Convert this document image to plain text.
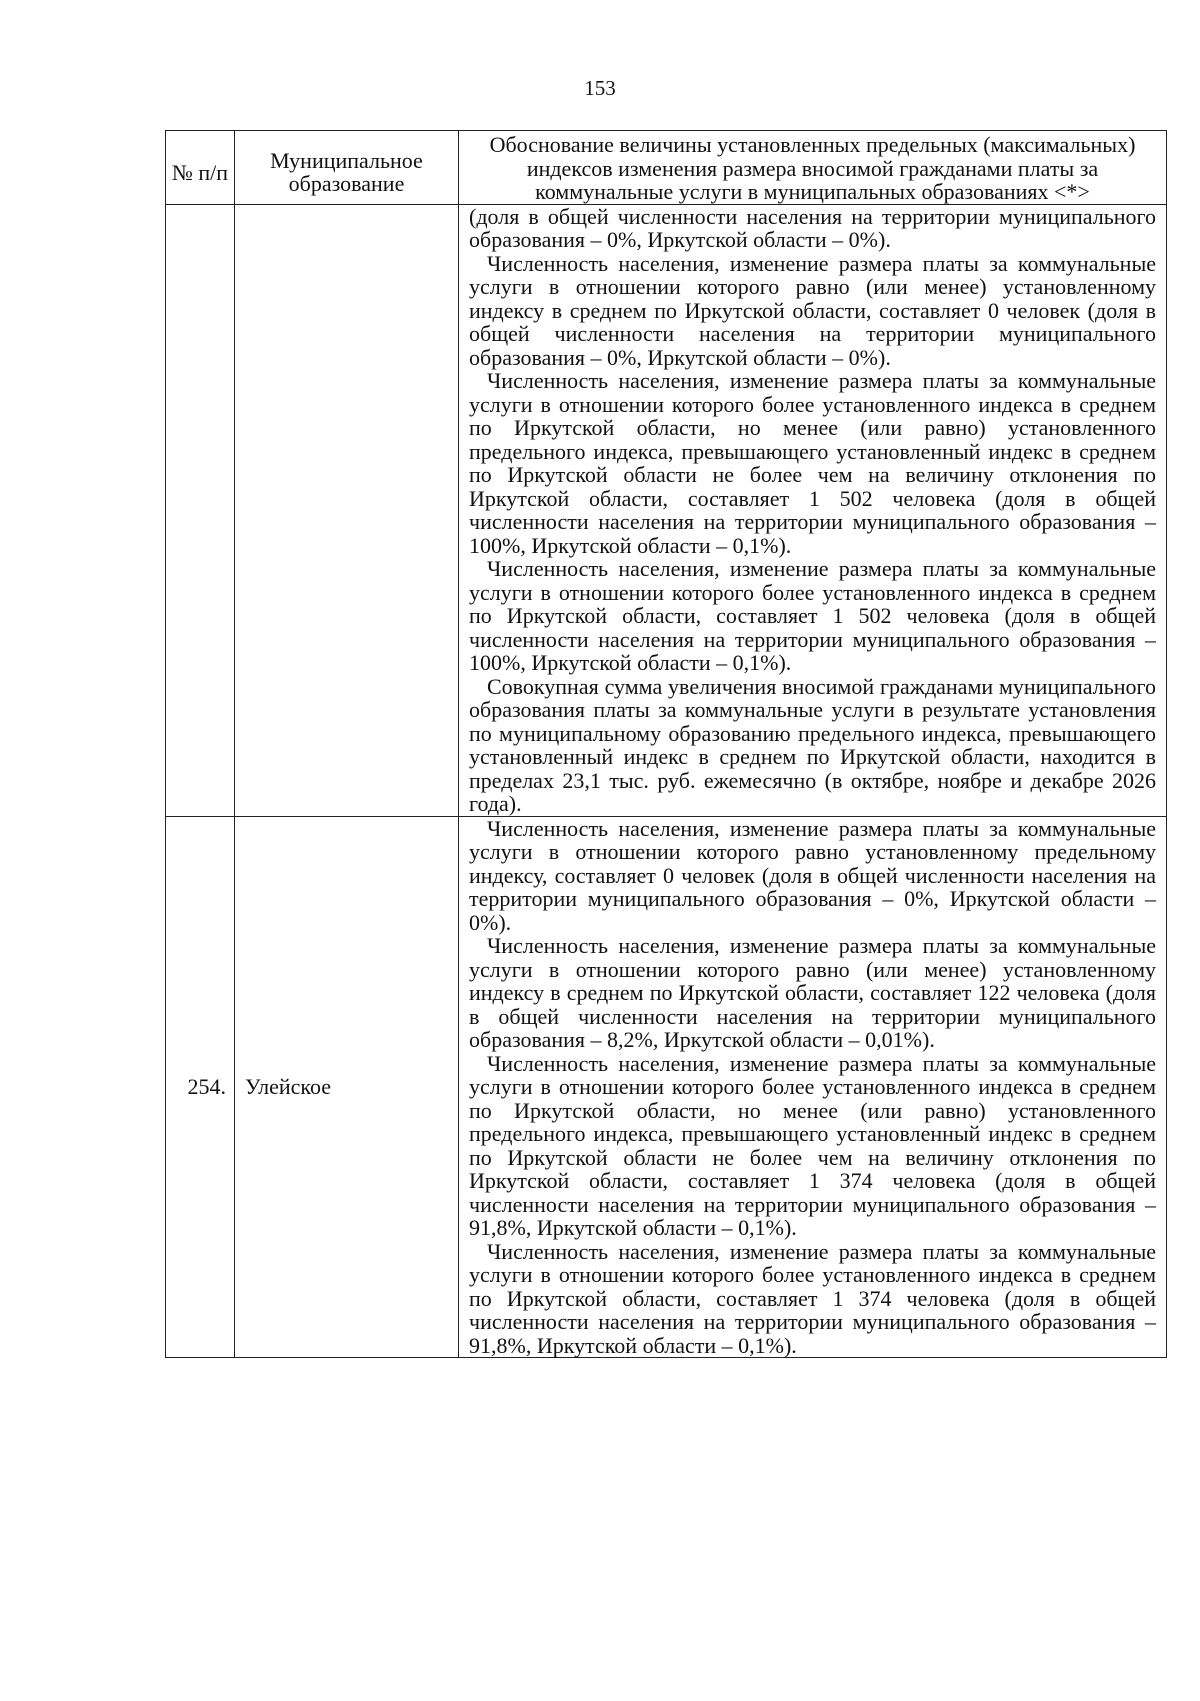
153
№ п/п	Муниципальное образование	Обоснование величины установленных предельных (максимальных) индексов изменения размера вносимой гражданами платы за коммунальные услуги в муниципальных образованиях <*>

		(доля в общей численности населения на территории муниципального образования – 0%, Иркутской области – 0%).

Численность населения, изменение размера платы за коммунальные услуги в отношении которого равно (или менее) установленному индексу в среднем по Иркутской области, составляет 0 человек (доля в общей численности населения на территории муниципального образования – 0%, Иркутской области – 0%).

Численность населения, изменение размера платы за коммунальные услуги в отношении которого более установленного индекса в среднем по Иркутской области, но менее (или равно) установленного предельного индекса, превышающего установленный индекс в среднем по Иркутской области не более чем на величину отклонения по Иркутской области, составляет 1 502 человека (доля в общей численности населения на территории муниципального образования – 100%, Иркутской области – 0,1%).

Численность населения, изменение размера платы за коммунальные услуги в отношении которого более установленного индекса в среднем по Иркутской области, составляет 1 502 человека (доля в общей численности населения на территории муниципального образования – 100%, Иркутской области – 0,1%).

Совокупная сумма увеличения вносимой гражданами муниципального образования платы за коммунальные услуги в результате установления по муниципальному образованию предельного индекса, превышающего установленный индекс в среднем по Иркутской области, находится в пределах 23,1 тыс. руб. ежемесячно (в октябре, ноябре и декабре 2026 года).

254.	Улейское	Численность населения, изменение размера платы за коммунальные услуги в отношении которого равно установленному предельному индексу, составляет 0 человек (доля в общей численности населения на территории муниципального образования – 0%, Иркутской области – 0%).

Численность населения, изменение размера платы за коммунальные услуги в отношении которого равно (или менее) установленному индексу в среднем по Иркутской области, составляет 122 человека (доля в общей численности населения на территории муниципального образования – 8,2%, Иркутской области – 0,01%).

Численность населения, изменение размера платы за коммунальные услуги в отношении которого более установленного индекса в среднем по Иркутской области, но менее (или равно) установленного предельного индекса, превышающего установленный индекс в среднем по Иркутской области не более чем на величину отклонения по Иркутской области, составляет 1 374 человека (доля в общей численности населения на территории муниципального образования – 91,8%, Иркутской области – 0,1%).

Численность населения, изменение размера платы за коммунальные услуги в отношении которого более установленного индекса в среднем по Иркутской области, составляет 1 374 человека (доля в общей численности населения на территории муниципального образования – 91,8%, Иркутской области – 0,1%).
